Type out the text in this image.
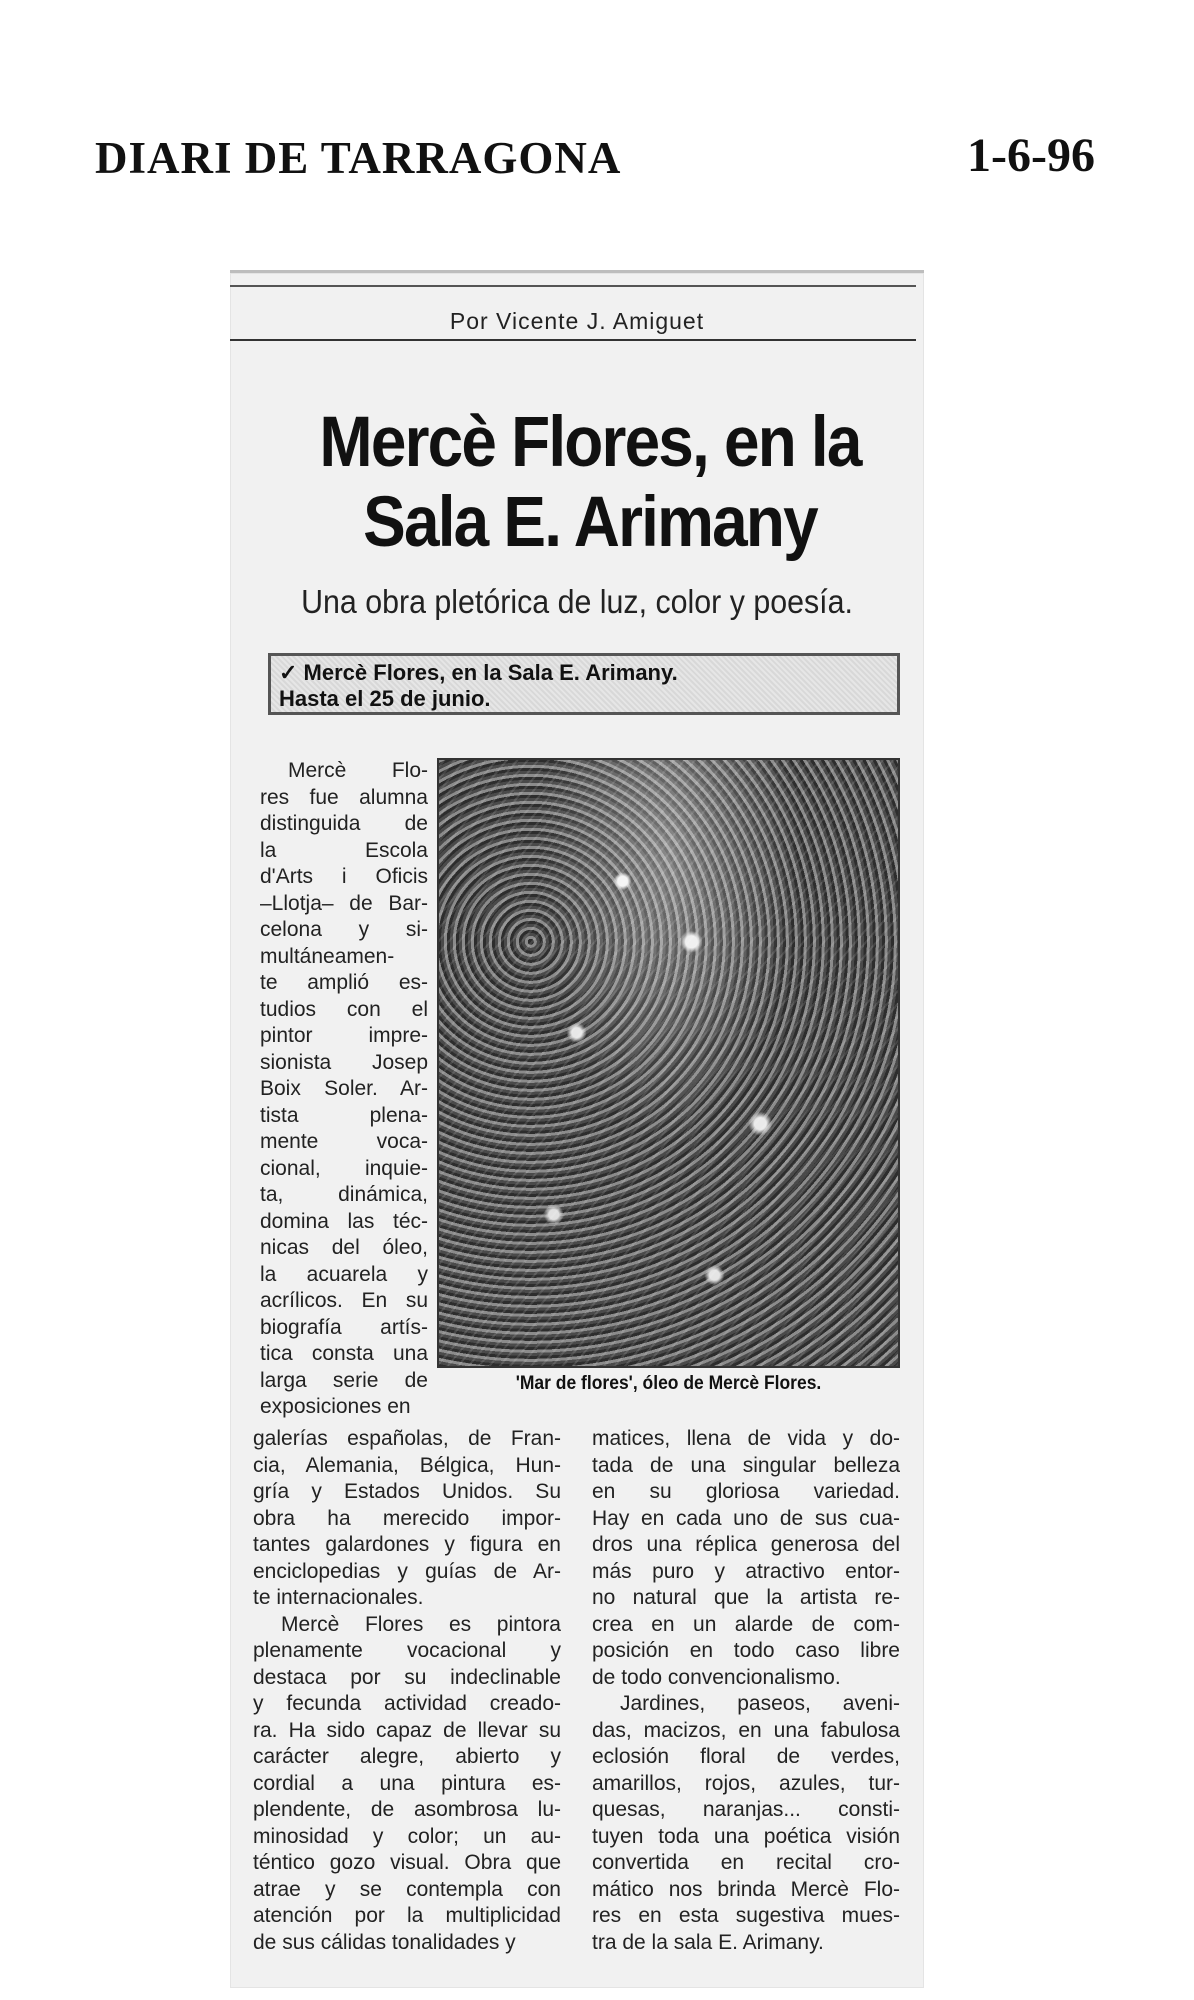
DIARI DE TARRAGONA	1-6-96
Por Vicente J. Amiguet
Mercè Flores, en la
Sala E. Arimany
Una obra pletórica de luz, color y poesía.
✓ Mercè Flores, en la Sala E. Arimany.
Hasta el 25 de junio.
Mercè Flo-
res fue alumna
distinguida de
la Escola
d'Arts i Oficis
–Llotja– de Bar-
celona y si-
multáneamen-
te amplió es-
tudios con el
pintor impre-
sionista Josep
Boix Soler. Ar-
tista plena-
mente voca-
cional, inquie-
ta, dinámica,
domina las téc-
nicas del óleo,
la acuarela y
acrílicos. En su
biografía artís-
tica consta una
larga serie de
exposiciones en
'Mar de flores', óleo de Mercè Flores.
galerías españolas, de Fran-
cia, Alemania, Bélgica, Hun-
gría y Estados Unidos. Su
obra ha merecido impor-
tantes galardones y figura en
enciclopedias y guías de Ar-
te internacionales.
Mercè Flores es pintora
plenamente vocacional y
destaca por su indeclinable
y fecunda actividad creado-
ra. Ha sido capaz de llevar su
carácter alegre, abierto y
cordial a una pintura es-
plendente, de asombrosa lu-
minosidad y color; un au-
téntico gozo visual. Obra que
atrae y se contempla con
atención por la multiplicidad
de sus cálidas tonalidades y
matices, llena de vida y do-
tada de una singular belleza
en su gloriosa variedad.
Hay en cada uno de sus cua-
dros una réplica generosa del
más puro y atractivo entor-
no natural que la artista re-
crea en un alarde de com-
posición en todo caso libre
de todo convencionalismo.
Jardines, paseos, aveni-
das, macizos, en una fabulosa
eclosión floral de verdes,
amarillos, rojos, azules, tur-
quesas, naranjas... consti-
tuyen toda una poética visión
convertida en recital cro-
mático nos brinda Mercè Flo-
res en esta sugestiva mues-
tra de la sala E. Arimany.
